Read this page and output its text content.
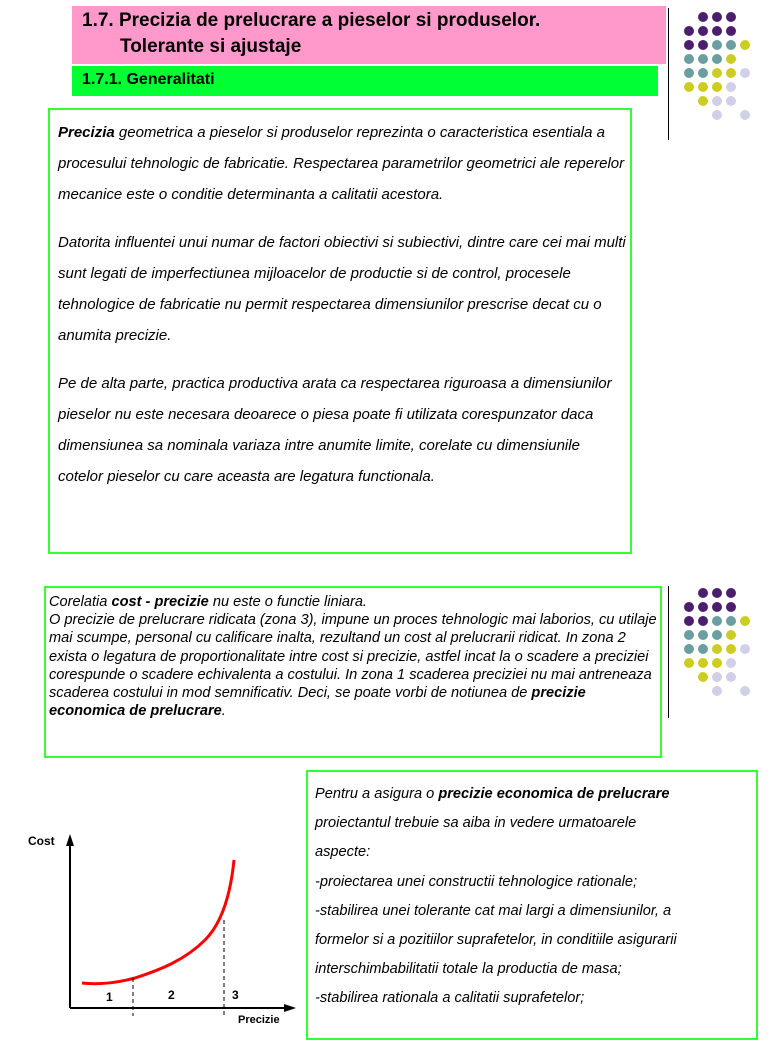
1.7. Precizia de prelucrare a pieselor si produselor.
Tolerante si ajustaje
1.7.1. Generalitati

Precizia geometrica a pieselor si produselor reprezinta o caracteristica esentiala a procesului tehnologic de fabricatie. Respectarea parametrilor geometrici ale reperelor mecanice este o conditie determinanta a calitatii acestora.

Datorita influentei unui numar de factori obiectivi si subiectivi, dintre care cei mai multi sunt legati de imperfectiunea mijloacelor de productie si de control, procesele tehnologice de fabricatie nu permit respectarea dimensiunilor prescrise decat cu o anumita precizie.

Pe de alta parte, practica productiva arata ca respectarea riguroasa a dimensiunilor pieselor nu este necesara deoarece o piesa poate fi utilizata corespunzator daca dimensiunea sa nominala variaza intre anumite limite, corelate cu dimensiunile cotelor pieselor cu care aceasta are legatura functionala.

Corelatia cost - precizie nu este o functie liniara.
O precizie de prelucrare ridicata (zona 3), impune un proces tehnologic mai laborios, cu utilaje mai scumpe, personal cu calificare inalta, rezultand un cost al prelucrarii ridicat. In zona 2 exista o legatura de proportionalitate intre cost si precizie, astfel incat la o scadere a preciziei corespunde o scadere echivalenta a costului. In zona 1 scaderea preciziei nu mai antreneaza scaderea costului in mod semnificativ. Deci, se poate vorbi de notiunea de precizie economica de prelucrare.
Pentru a asigura o precizie economica de prelucrare
proiectantul trebuie sa aiba in vedere urmatoarele
aspecte:
-proiectarea unei constructii tehnologice rationale;
-stabilirea unei tolerante cat mai largi a dimensiunilor, a
formelor si a pozitiilor suprafetelor, in conditiile asigurarii
interschimbabilitatii totale la productia de masa;
-stabilirea rationala a calitatii suprafetelor;
Cost
1	2	3
Precizie
